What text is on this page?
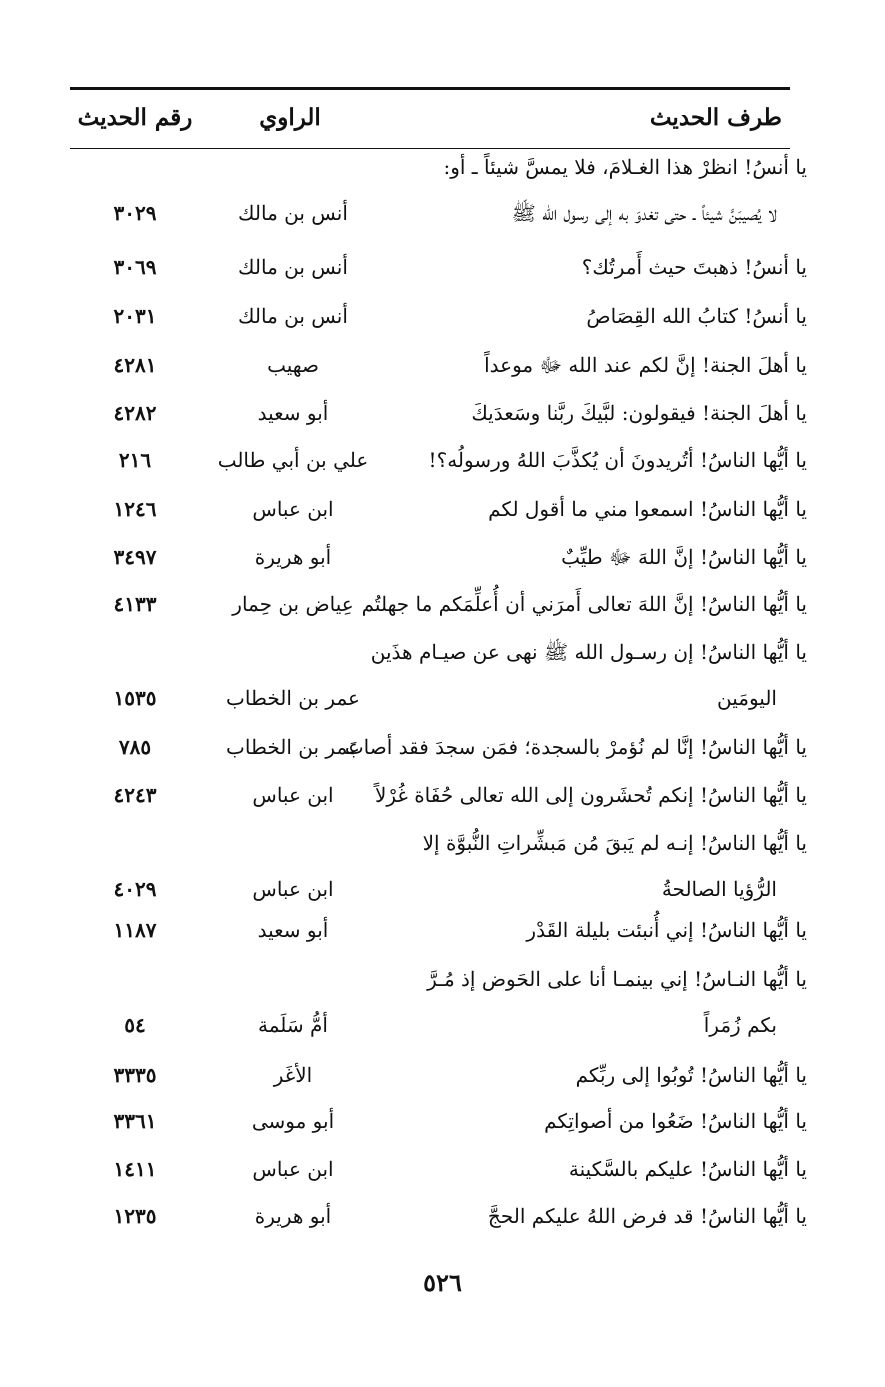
طرف الحديث
الراوي
رقم الحديث
يا أنسُ! انظرْ هذا الغـلامَ، فلا يمسَّ شيئاً ـ أو:
لا يُصيبَنَّ شيئاً ـ حتى تغدوَ به إلى رسول الله ﷺ
أنس بن مالك
٣٠٢٩
يا أنسُ! ذهبتَ حيث أَمرتُك؟
أنس بن مالك
٣٠٦٩
يا أنسُ! كتابُ الله القِصَاصُ
أنس بن مالك
٢٠٣١
يا أهلَ الجنة! إنَّ لكم عند الله ﷻ موعداً
صهيب
٤٢٨١
يا أهلَ الجنة! فيقولون: لبَّيكَ ربَّنا وسَعدَيكَ
أبو سعيد
٤٢٨٢
يا أيُّها الناسُ! أتُريدونَ أن يُكذَّبَ اللهُ ورسولُه؟!
علي بن أبي طالب
٢١٦
يا أيُّها الناسُ! اسمعوا مني ما أقول لكم
ابن عباس
١٢٤٦
يا أيُّها الناسُ! إنَّ اللهَ ﷻ طيِّبٌ
أبو هريرة
٣٤٩٧
يا أيُّها الناسُ! إنَّ اللهَ تعالى أَمرَني أن أُعلِّمَكم ما جهلتُم
عِياض بن حِمار
٤١٣٣
يا أيُّها الناسُ! إن رسـول الله ﷺ نهى عن صيـام هذَين
اليومَين
عمر بن الخطاب
١٥٣٥
يا أيُّها الناسُ! إنَّا لم نُؤمرْ بالسجدة؛ فمَن سجدَ فقد أصابَ
عمر بن الخطاب
٧٨٥
يا أيُّها الناسُ! إنكم تُحشَرون إلى الله تعالى حُفَاة غُرْلاً
ابن عباس
٤٢٤٣
يا أيُّها الناسُ! إنـه لم يَبقَ مُن مَبشِّراتِ النُّبوَّة إلا
الرُّؤيا الصالحةُ
ابن عباس
٤٠٢٩
يا أيُّها الناسُ! إني أُنبئت بليلة القَدْر
أبو سعيد
١١٨٧
يا أيُّها النـاسُ! إني بينمـا أنا على الحَوض إذ مُـرَّ
بكم زُمَراً
أمُّ سَلَمة
٥٤
يا أيُّها الناسُ! تُوبُوا إلى ربِّكم
الأغَر
٣٣٣٥
يا أيُّها الناسُ! ضَعُوا من أصواتِكم
أبو موسى
٣٣٦١
يا أيُّها الناسُ! عليكم بالسَّكينة
ابن عباس
١٤١١
يا أيُّها الناسُ! قد فرض اللهُ عليكم الحجَّ
أبو هريرة
١٢٣٥
٥٢٦
